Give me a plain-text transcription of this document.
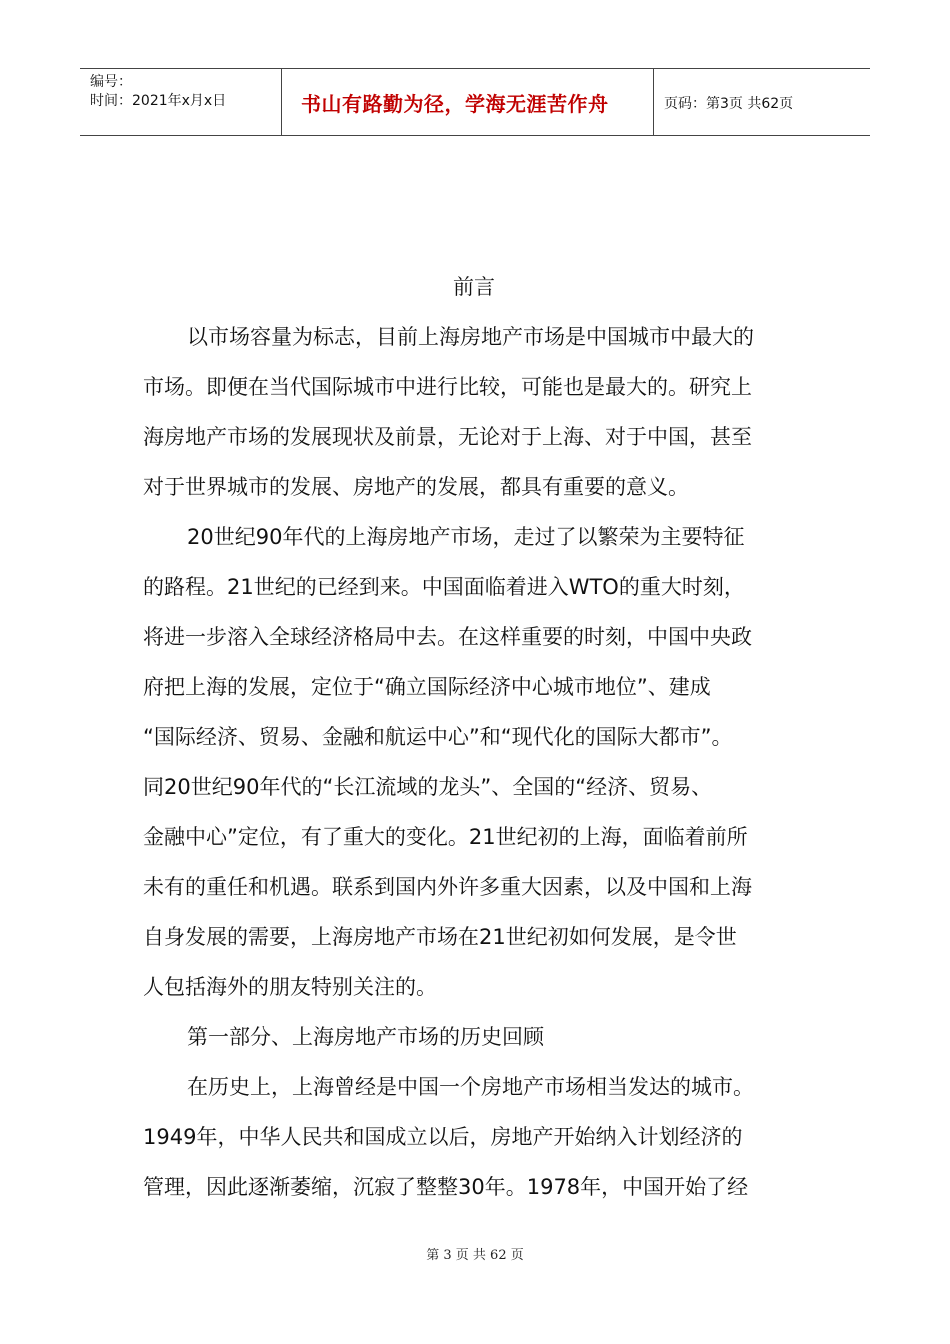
编号：
时间：2021年x月x日	书山有路勤为径，学海无涯苦作舟	页码：第3页 共62页

前言

以市场容量为标志，目前上海房地产市场是中国城市中最大的

市场。即便在当代国际城市中进行比较，可能也是最大的。研究上

海房地产市场的发展现状及前景，无论对于上海、对于中国，甚至

对于世界城市的发展、房地产的发展，都具有重要的意义。

20世纪90年代的上海房地产市场，走过了以繁荣为主要特征

的路程。21世纪的已经到来。中国面临着进入WTO的重大时刻，

将进一步溶入全球经济格局中去。在这样重要的时刻，中国中央政

府把上海的发展，定位于“确立国际经济中心城市地位”、建成

“国际经济、贸易、金融和航运中心”和“现代化的国际大都市”。

同20世纪90年代的“长江流域的龙头”、全国的“经济、贸易、

金融中心”定位，有了重大的变化。21世纪初的上海，面临着前所

未有的重任和机遇。联系到国内外许多重大因素，以及中国和上海

自身发展的需要，上海房地产市场在21世纪初如何发展，是令世

人包括海外的朋友特别关注的。

第一部分、上海房地产市场的历史回顾

在历史上，上海曾经是中国一个房地产市场相当发达的城市。

1949年，中华人民共和国成立以后，房地产开始纳入计划经济的

管理，因此逐渐萎缩，沉寂了整整30年。1978年，中国开始了经

第 3 页 共 62 页
